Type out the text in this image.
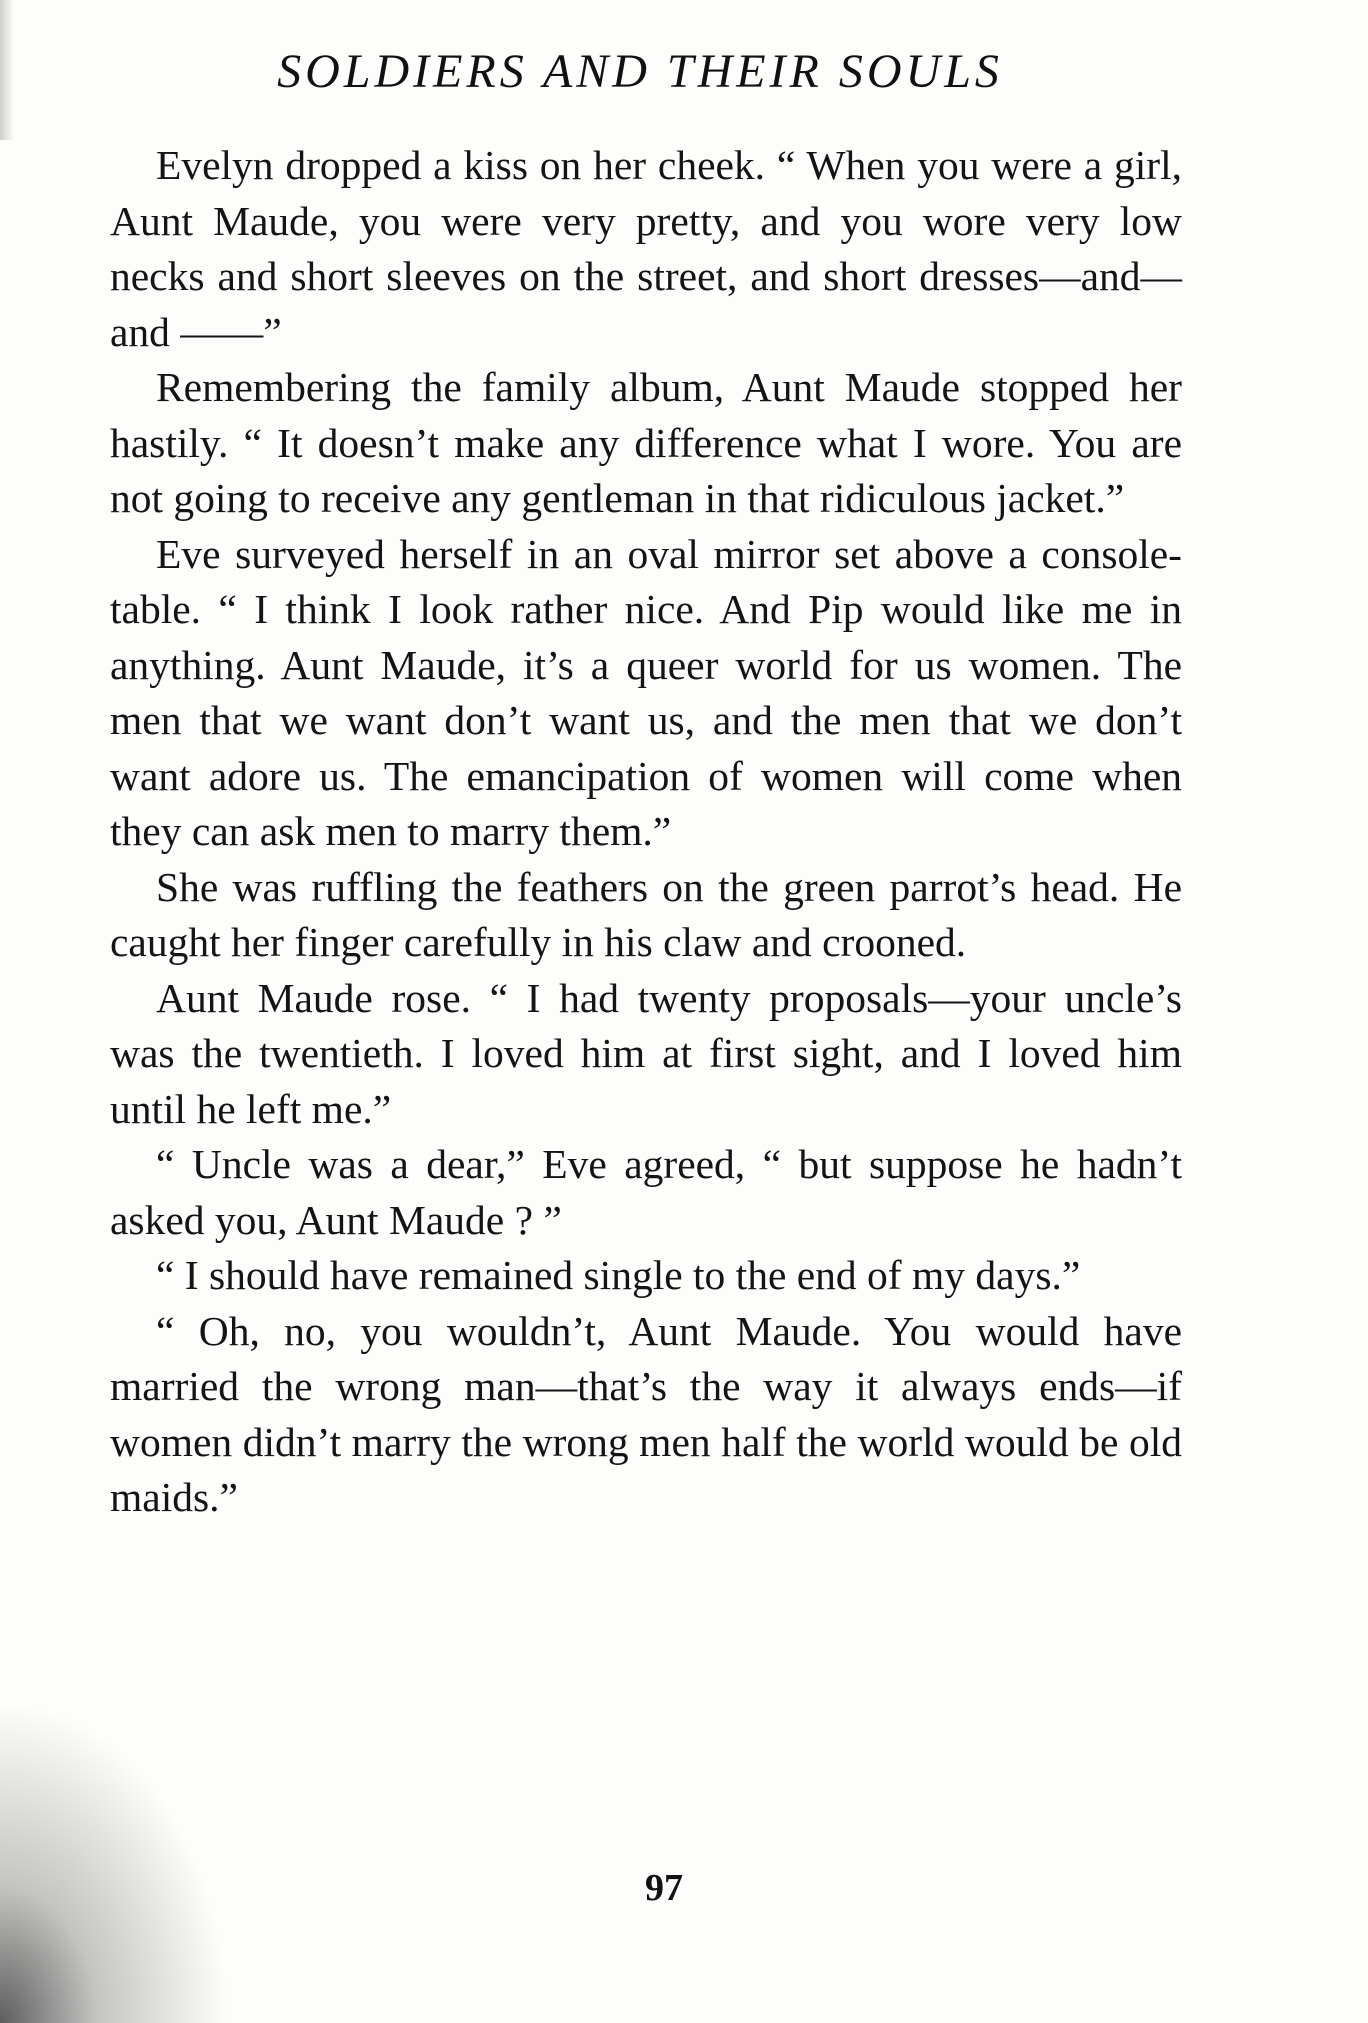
SOLDIERS AND THEIR SOULS

Evelyn dropped a kiss on her cheek. “ When you were a girl, Aunt Maude, you were very pretty, and you wore very low necks and short sleeves on the street, and short dresses—and—and ——”

Remembering the family album, Aunt Maude stopped her hastily. “ It doesn’t make any difference what I wore. You are not going to receive any gentleman in that ridiculous jacket.”

Eve surveyed herself in an oval mirror set above a console-table. “ I think I look rather nice. And Pip would like me in anything. Aunt Maude, it’s a queer world for us women. The men that we want don’t want us, and the men that we don’t want adore us. The emancipation of women will come when they can ask men to marry them.”

She was ruffling the feathers on the green parrot’s head. He caught her finger carefully in his claw and crooned.

Aunt Maude rose. “ I had twenty proposals—your uncle’s was the twentieth. I loved him at first sight, and I loved him until he left me.”

“ Uncle was a dear,” Eve agreed, “ but suppose he hadn’t asked you, Aunt Maude ? ”

“ I should have remained single to the end of my days.”

“ Oh, no, you wouldn’t, Aunt Maude. You would have married the wrong man—that’s the way it always ends—if women didn’t marry the wrong men half the world would be old maids.”

97
